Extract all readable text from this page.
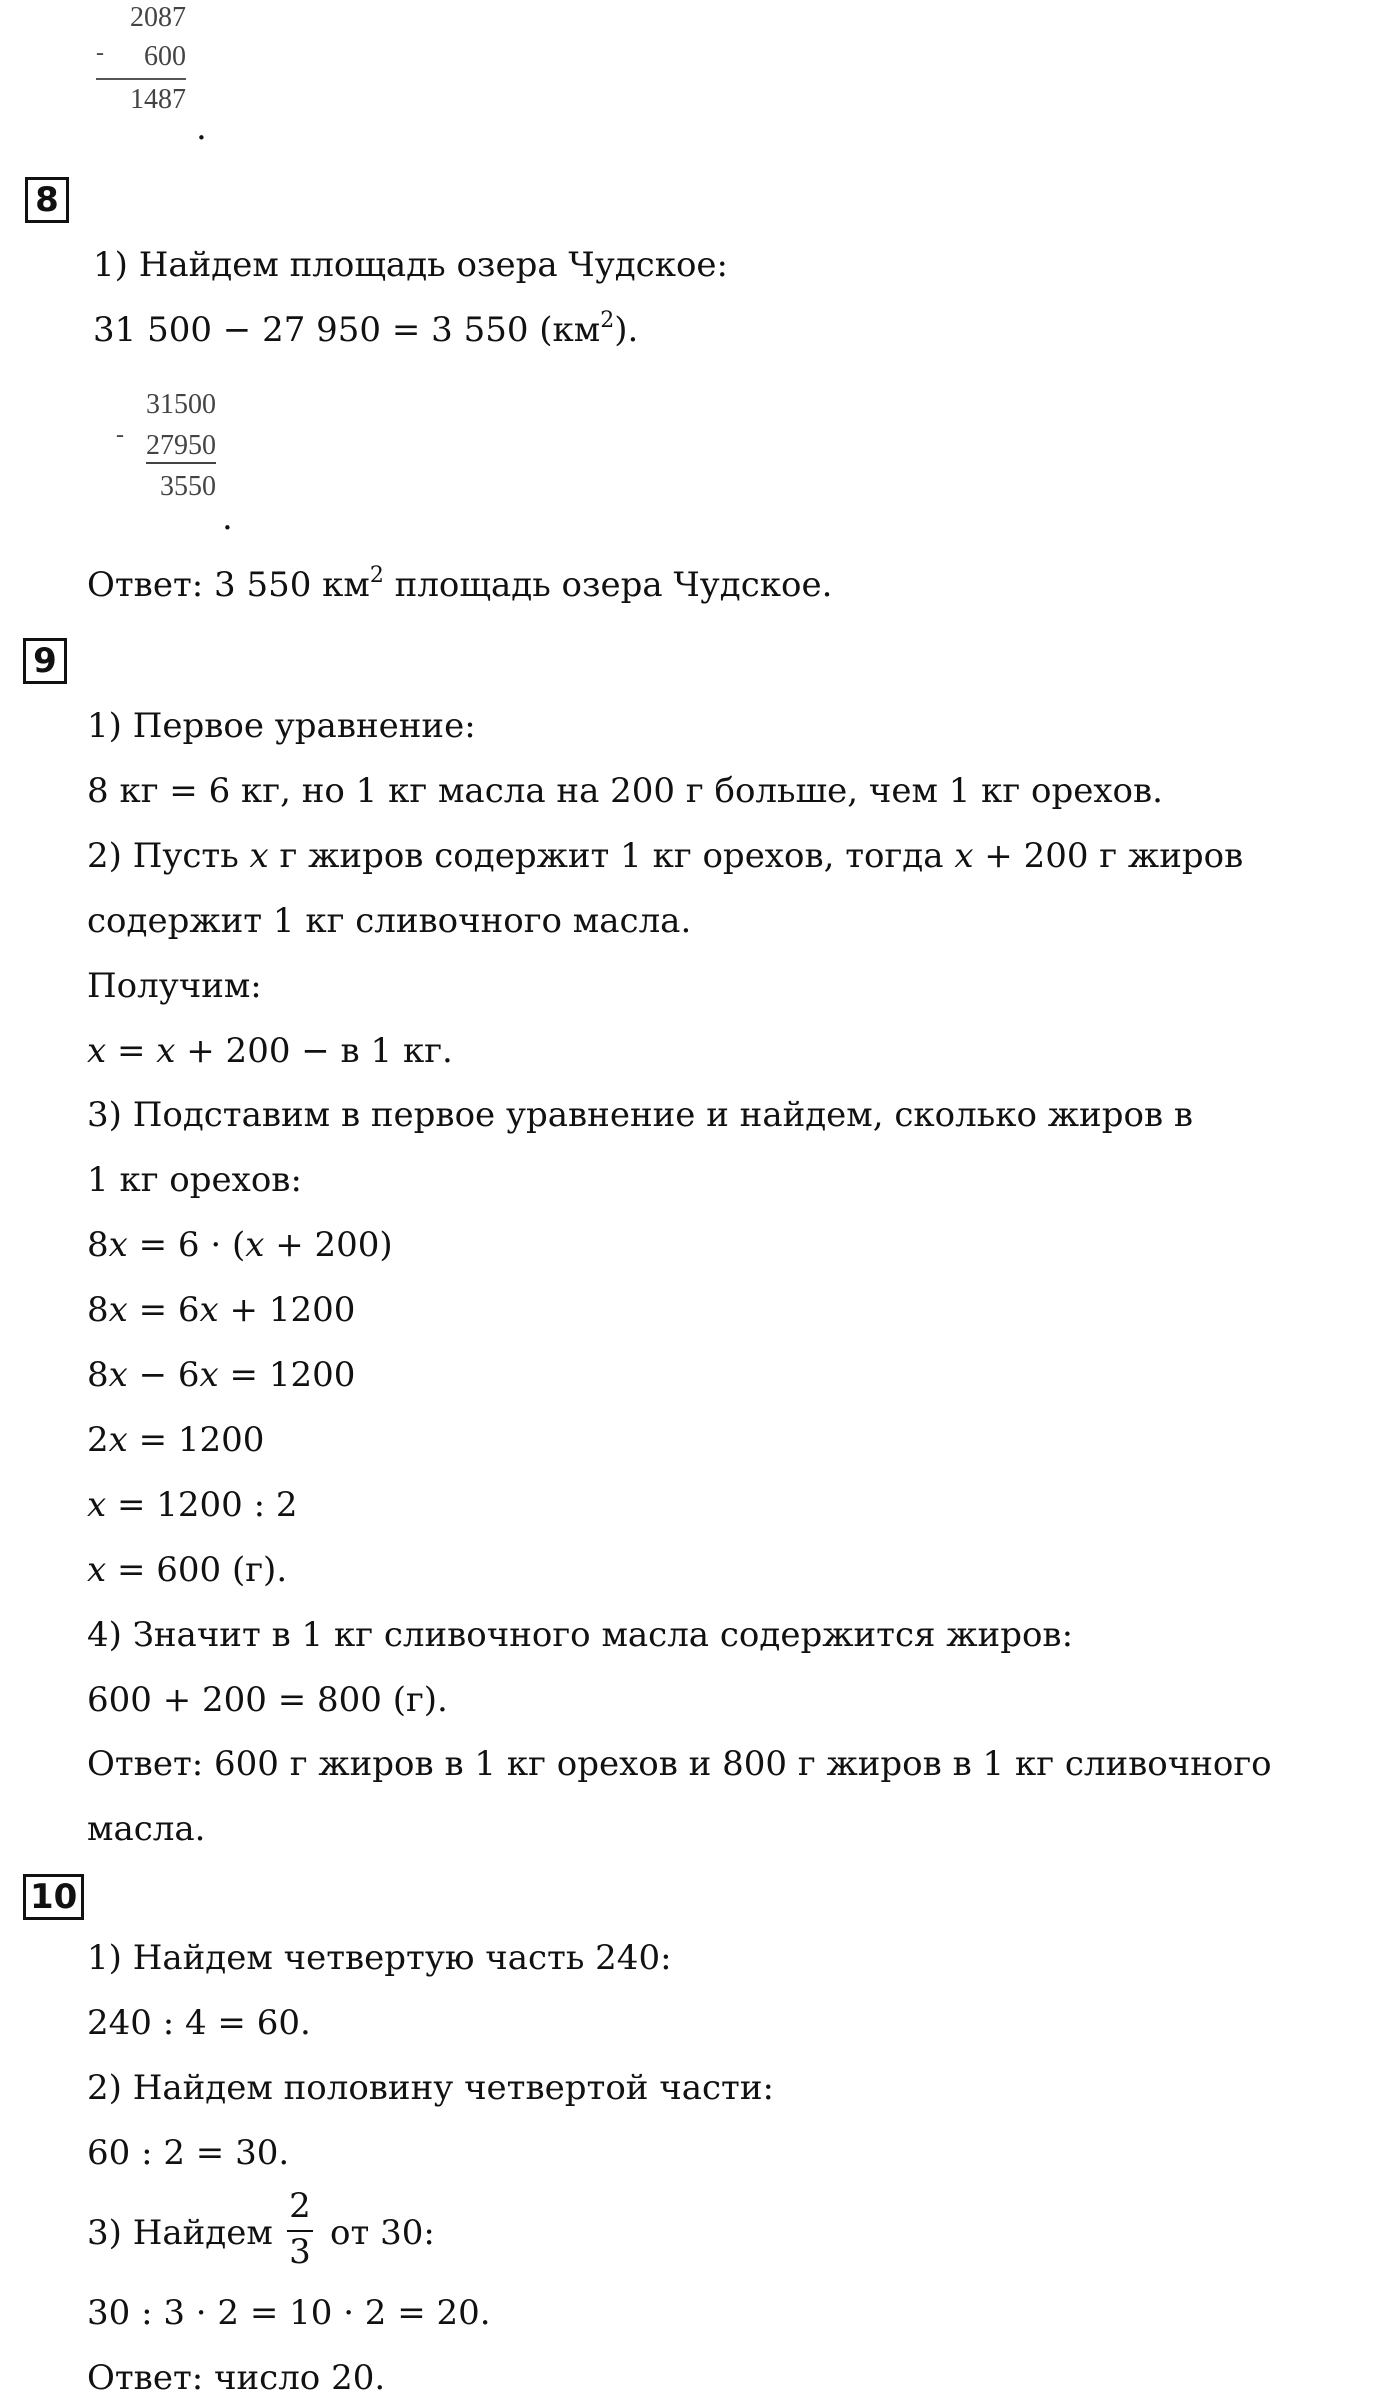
2087
- 600
1487
.
8
1) Найдем площадь озера Чудское:
31 500 − 27 950 = 3 550 $(км^2)$.
31500
- 27950
3550
.
Ответ: 3 550 $км^2$ площадь озера Чудское.
9
1) Первое уравнение:
8 кг = 6 кг, но 1 кг масла на 200 г больше, чем 1 кг орехов.
2) Пусть 𝑥 г жиров содержит 1 кг орехов, тогда 𝑥 + 200 г жиров
содержит 1 кг сливочного масла.
Получим:
𝑥 = 𝑥 + 200 − в 1 кг.
3) Подставим в первое уравнение и найдем, сколько жиров в
1 кг орехов:
8𝑥 = 6 · (𝑥 + 200)
8𝑥 = 6𝑥 + 1200
8𝑥 − 6𝑥 = 1200
2𝑥 = 1200
𝑥 = 1200 : 2
𝑥 = 600 (г).
4) Значит в 1 кг сливочного масла содержится жиров:
600 + 200 = 800 (г).
Ответ: 600 г жиров в 1 кг орехов и 800 г жиров в 1 кг сливочного
масла.
10
1) Найдем четвертую часть 240:
240 : 4 = 60.
2) Найдем половину четвертой части:
60 : 2 = 30.
3) Найдем
2
3 от 30:
30 : 3 · 2 = 10 · 2 = 20.
Ответ: число 20.
